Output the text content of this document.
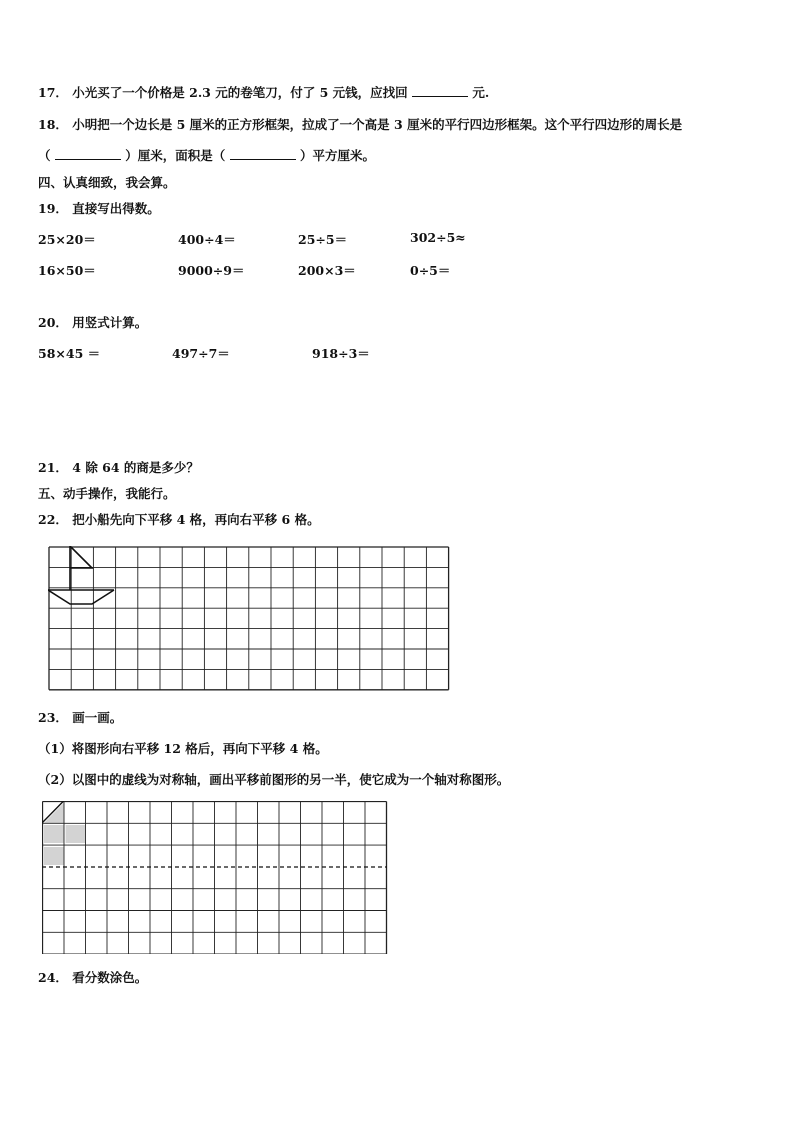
17． 小光买了一个价格是 2.3 元的卷笔刀，付了 5 元钱，应找回	元.
18． 小明把一个边长是 5 厘米的正方形框架，拉成了一个高是 3 厘米的平行四边形框架。这个平行四边形的周长是
（	）厘米，面积是（	）平方厘米。
四、认真细致，我会算。
19． 直接写出得数。
25×20＝	400÷4＝	25÷5＝	302÷5≈
16×50＝	9000÷9＝	200×3＝	0÷5＝
20． 用竖式计算。
58×45 ＝	497÷7＝	918÷3＝
21． 4 除 64 的商是多少？
五、动手操作，我能行。
22． 把小船先向下平移 4 格，再向右平移 6 格。
23． 画一画。
（1）将图形向右平移 12 格后，再向下平移 4 格。
（2）以图中的虚线为对称轴，画出平移前图形的另一半，使它成为一个轴对称图形。
24． 看分数涂色。
